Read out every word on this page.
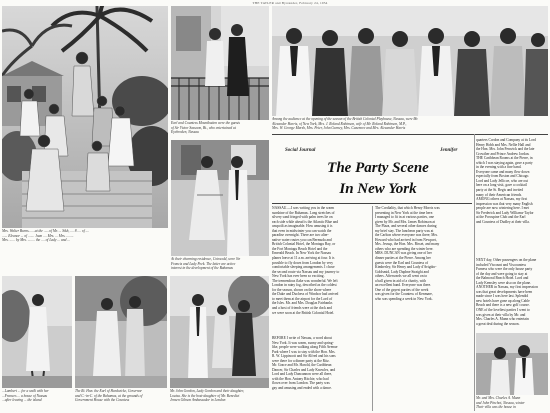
THE TATLER and Bystander, February 24, 1954
Mrs. Walter Burns.......at the ......of Mr. ... Sikh, .... 8 .... of ....
...... Eleanor ... of ....... Joan .... Mrs. ... Mrs. ........
Mrs. ...... by Mrs. ........ the .... of Lady ... and ...
Earl and Countess Mountbatten were the guests
of Sir Victor Sassoon, Bt., who entertained at
Eyebroden, Nassau
Among the audience at the opening of the season of the British Colonial Playhouse, Nassau, were Mr.
Alexander Harris, of New York, Mrs. J. Roland Robinson, wife of Mr. Roland Robinson, M.P.,
Mrs. W. George Marsh, Mrs. Peter, John Gurney, Mrs. Cazenove and Mrs. Alexander Harris
At their charming residence, Cotswold, were Sir
Francis and Lady Peek. The latter are active
interest in the development of the Bahamas
Social Journal	Jennifer
The Party Scene
In New York
NASSAU.—I was writing you in the warm
sunshine of the Bahamas. Long stretches of
silvery sand fringed with palm trees lie on
each side while ahead is the Atlantic Blue and
unspoilt as imaginable. How amusing it is
that even in midwinter you can watch the
paradise overnight. There are two alter-
native water routes you can Bermuda and
British Colonial Hotel, the Montagu Bay, or
the Fort Montagu Beach Hotel and the
Emerald Beach. In New York the Nassau
planes leave at 11 a.m. arriving at four. It is
possible to fly down from London by very
comfortable sleeping arrangements. I chose
the second route via Nassau and my journey to
New York has ever been so exciting.
The tremendous flake was wonderful. We left
London in rainy fog, described as the coldest
for the season, shown on the shore where
the Duke and Duchess of Windsor had arrived
to meet them at the airport for the Lord of
the Isles. Mr. and Mrs. Douglas Fairbanks
and a host of friends were at the dock and
we were soon at the British Colonial Hotel.
BEFORE I write of Nassau, a word about
New York. It was warm, sunny and spring-
like, people were walking along Fifth Avenue
Park where I was to stay with the Hon. Mrs.
R. W. Lippincott and Sir Alfred and his sons
were there for a dinner party at the Ritz.
Mr. Grace and Mr. Harold, the Caribbean
Dancer, Sir Charles and Lady Knowles, and
Lord and Lady Duncannon were all there,
with the Hon. Antony Ritchie, who had
flown over from London. The party was
gay and amusing and ended with a dance.
The Cordiality, that which Henry Morris was
presenting in New York at the time here.
I managed to fit in at various parties, one
given by Mr. and Mrs. James Robinson at
The Plaza, and several other dances during
my brief stay. The luncheon party was at
the Carlton where everyone was there; Mrs.
Howard who had arrived in from Newport,
Mrs. Jessup, the Hon. Mrs. Bisset, and many
others who are spending the winter here.
MRS. DUNCAN was giving one of her
dinner parties at the Pierre. Among her
guests were the Earl and Countess of
Kimberley, Sir Henry and Lady d'Avigdor-
Goldsmid, Lady Daphne Straight and
others. Afterwards we all went on to
a ball given in aid of a charity, with
an excellent band. Everyone was there.
One of the gayest parties of the week
was given for the Countess of Kenmare,
who was spending a week in New York.
quarters Cordon and Company at its Lord
Henry Hobb and Mrs. Nellie Hall and
the Hon. Mrs. John Fenwick and the late
Crowther and Prince Andrew Jordan.
THE Caribbean Rooms at the Pierre, in
which I was staying again, gave a party
in the evening with a fine band.
Everyone came and many flew down
especially from Boston and Chicago.
Lord and Lady Jellicoe, who are out
here on a long visit, gave a cocktail
party at the St. Regis and invited
many of their American friends.
AMONG others at Nassau, my first
impression was that very many English
people are now wintering here. I met
Sir Frederick and Lady Williams-Taylor
at the Porcupine Club and the Earl
and Countess of Dudley at their villa.
NEXT day, Other passengers on the plane
included Viscount and Viscountess
Furness who were the only house party
of the day and were going to stay at
the Balmoral Beach Hotel. Lord and
Lady Kemsley were also on the plane.
ANOTHER in Nassau, my first impression
was that great developments have been
made since I was here last. Splendid
new hotels have gone up along Cable
Beach and there is a new golf course.
ONE of the loveliest parties I went to
was given at their villa by Mr. and
Mrs. Charles A. Munn who entertain
a great deal during the season.
Mr. and Mrs. Charles A. Munn
and John Pinchot, Nassau, winter
Their villa was the house in
...Lambert ... for a walk with her
...Frances ... a house of Nassau
...after leaving ... the island
The Rt. Hon. the Earl of Hardwicke, Governor
and C.-in-C. of the Bahamas, at the grounds of
Government House with the Countess
Mr. John Gordon, Lady Gordon and their daughter,
Louisa. She is the host-daughter of Mr. Benedict
Jensen Gibson Ambassador in London
